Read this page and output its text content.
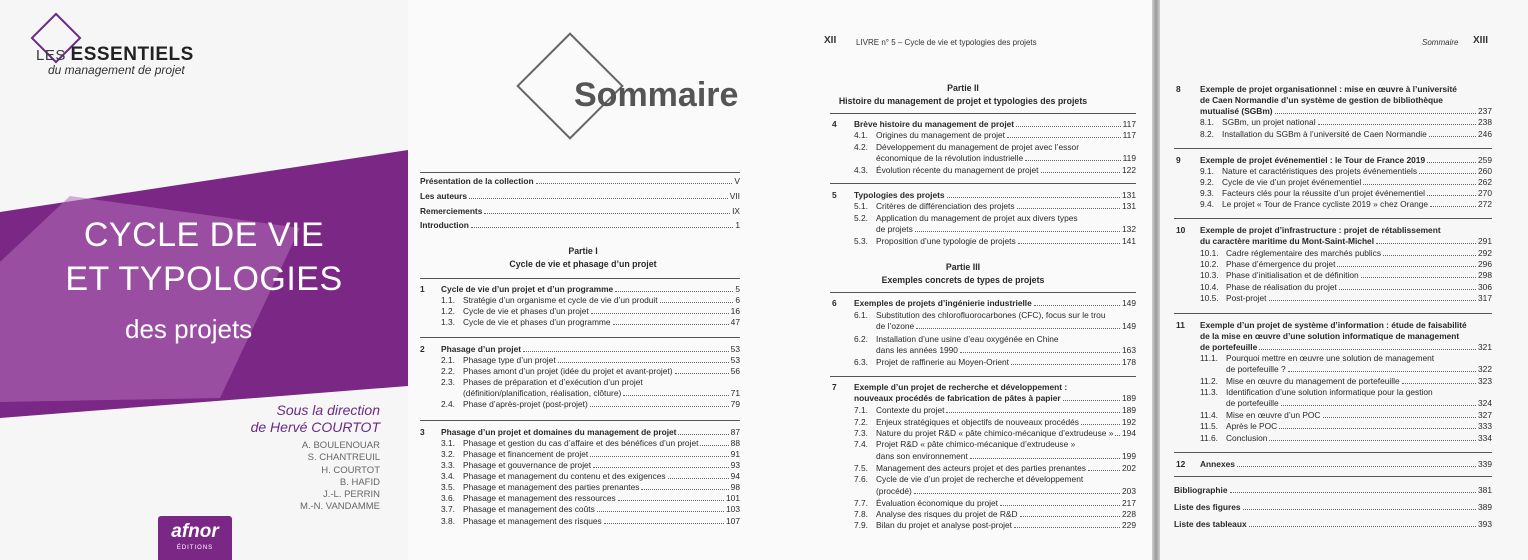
LES ESSENTIELS
du management de projet
CYCLE DE VIE
ET TYPOLOGIES
des projets
Sous la direction
de Hervé COURTOT
A. BOULENOUAR
S. CHANTREUIL
H. COURTOT
B. HAFID
J.-L. PERRIN
M.-N. VANDAMME
afnor
ÉDITIONS
Sommaire
Présentation de la collection	V
Les auteurs	VII
Remerciements	IX
Introduction	1
Partie I
Cycle de vie et phasage d’un projet
1 Cycle de vie d’un projet et d’un programme	5
1.1. Stratégie d’un organisme et cycle de vie d’un produit	6
1.2. Cycle de vie et phases d’un projet	16
1.3. Cycle de vie et phases d’un programme	47
2 Phasage d’un projet	53
2.1. Phasage type d’un projet	53
2.2. Phases amont d’un projet (idée du projet et avant-projet)	56
2.3. Phases de préparation et d’exécution d’un projet
(définition/planification, réalisation, clôture)	71
2.4. Phase d’après-projet (post-projet)	79
3 Phasage d’un projet et domaines du management de projet	87
3.1. Phasage et gestion du cas d’affaire et des bénéfices d’un projet	88
3.2. Phasage et financement de projet	91
3.3. Phasage et gouvernance de projet	93
3.4. Phasage et management du contenu et des exigences	94
3.5. Phasage et management des parties prenantes	98
3.6. Phasage et management des ressources	101
3.7. Phasage et management des coûts	103
3.8. Phasage et management des risques	107
XII LIVRE n° 5 – Cycle de vie et typologies des projets
Partie II
Histoire du management de projet et typologies des projets
4 Brève histoire du management de projet	117
4.1. Origines du management de projet	117
4.2. Développement du management de projet avec l’essor
économique de la révolution industrielle	119
4.3. Évolution récente du management de projet	122
5 Typologies des projets	131
5.1. Critères de différenciation des projets	131
5.2. Application du management de projet aux divers types
de projets	132
5.3. Proposition d’une typologie de projets	141
Partie III
Exemples concrets de types de projets
6 Exemples de projets d’ingénierie industrielle	149
6.1. Substitution des chlorofluorocarbones (CFC), focus sur le trou
de l’ozone	149
6.2. Installation d’une usine d’eau oxygénée en Chine
dans les années 1990	163
6.3. Projet de raffinerie au Moyen-Orient	178
7 Exemple d’un projet de recherche et développement :
nouveaux procédés de fabrication de pâtes à papier	189
7.1. Contexte du projet	189
7.2. Enjeux stratégiques et objectifs de nouveaux procédés	192
7.3. Nature du projet R&D « pâte chimico-mécanique d’extrudeuse » 194
7.4. Projet R&D « pâte chimico-mécanique d’extrudeuse »
dans son environnement	199
7.5. Management des acteurs projet et des parties prenantes	202
7.6. Cycle de vie d’un projet de recherche et développement
(procédé)	203
7.7. Évaluation économique du projet	217
7.8. Analyse des risques du projet de R&D	228
7.9. Bilan du projet et analyse post-projet	229
Sommaire XIII
8 Exemple de projet organisationnel : mise en œuvre à l’université
de Caen Normandie d’un système de gestion de bibliothèque
mutualisé (SGBm)	237
8.1. SGBm, un projet national	238
8.2. Installation du SGBm à l’université de Caen Normandie	246
9 Exemple de projet événementiel : le Tour de France 2019	259
9.1. Nature et caractéristiques des projets événementiels	260
9.2. Cycle de vie d’un projet événementiel	262
9.3. Facteurs clés pour la réussite d’un projet événementiel	270
9.4. Le projet « Tour de France cycliste 2019 » chez Orange	272
10 Exemple de projet d’infrastructure : projet de rétablissement
du caractère maritime du Mont-Saint-Michel	291
10.1. Cadre réglementaire des marchés publics	292
10.2. Phase d’émergence du projet	296
10.3. Phase d’initialisation et de définition	298
10.4. Phase de réalisation du projet	306
10.5. Post-projet	317
11 Exemple d’un projet de système d’information : étude de faisabilité
de la mise en œuvre d’une solution informatique de management
de portefeuille	321
11.1. Pourquoi mettre en œuvre une solution de management
de portefeuille ?	322
11.2. Mise en œuvre du management de portefeuille	323
11.3. Identification d’une solution informatique pour la gestion
de portefeuille	324
11.4. Mise en œuvre d’un POC	327
11.5. Après le POC	333
11.6. Conclusion	334
12 Annexes	339
Bibliographie	381
Liste des figures	389
Liste des tableaux	393
